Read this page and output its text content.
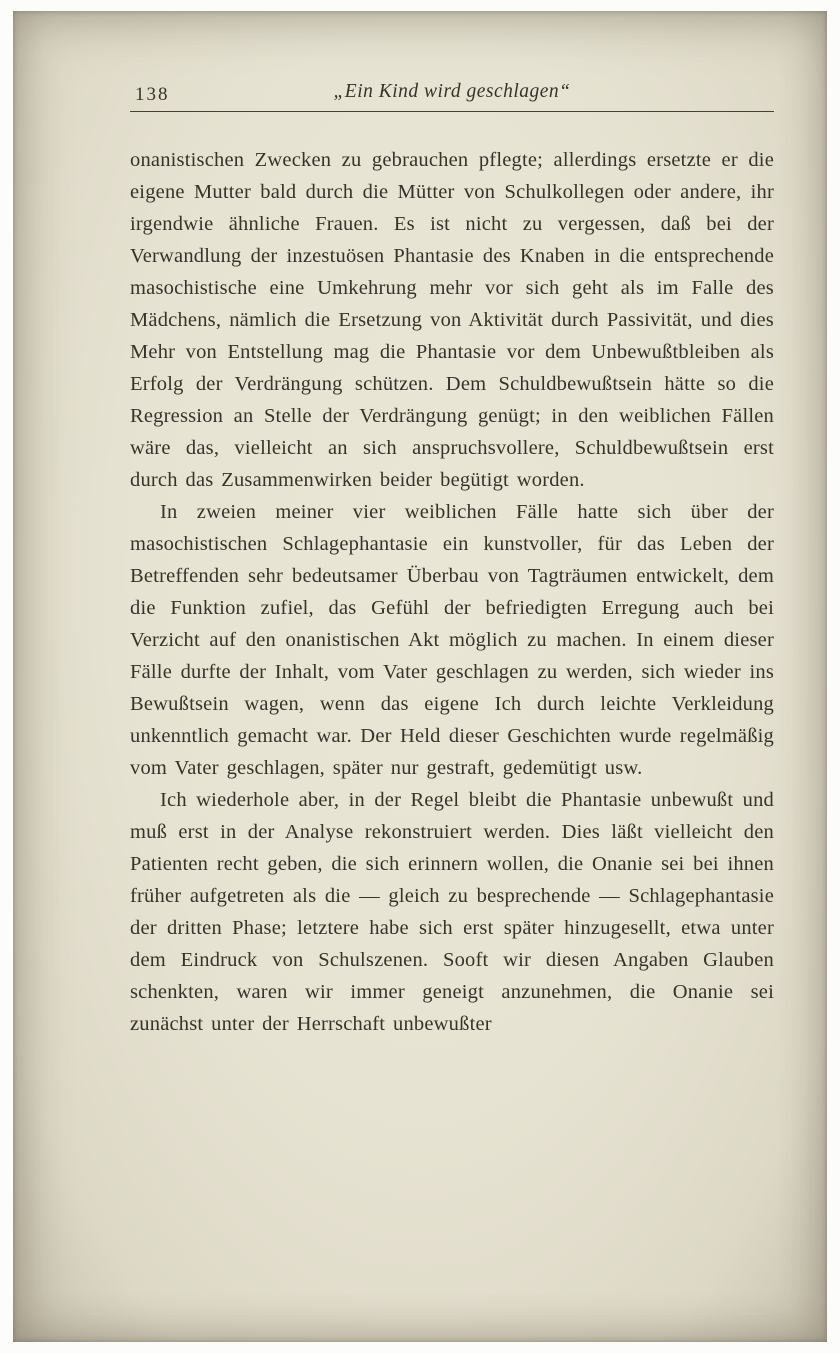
138	„Ein Kind wird geschlagen“

onanistischen Zwecken zu gebrauchen pflegte; allerdings ersetzte er die eigene Mutter bald durch die Mütter von Schulkollegen oder andere, ihr irgendwie ähnliche Frauen. Es ist nicht zu vergessen, daß bei der Verwandlung der inzestuösen Phantasie des Knaben in die entsprechende masochistische eine Umkehrung mehr vor sich geht als im Falle des Mädchens, nämlich die Ersetzung von Aktivität durch Passivität, und dies Mehr von Entstellung mag die Phantasie vor dem Unbewußtbleiben als Erfolg der Verdrängung schützen. Dem Schuldbewußtsein hätte so die Regression an Stelle der Verdrängung genügt; in den weiblichen Fällen wäre das, vielleicht an sich anspruchsvollere, Schuldbewußtsein erst durch das Zusammenwirken beider begütigt worden.

In zweien meiner vier weiblichen Fälle hatte sich über der masochistischen Schlagephantasie ein kunstvoller, für das Leben der Betreffenden sehr bedeutsamer Überbau von Tagträumen entwickelt, dem die Funktion zufiel, das Gefühl der befriedigten Erregung auch bei Verzicht auf den onanistischen Akt möglich zu machen. In einem dieser Fälle durfte der Inhalt, vom Vater geschlagen zu werden, sich wieder ins Bewußtsein wagen, wenn das eigene Ich durch leichte Verkleidung unkenntlich gemacht war. Der Held dieser Geschichten wurde regelmäßig vom Vater geschlagen, später nur gestraft, gedemütigt usw.

Ich wiederhole aber, in der Regel bleibt die Phantasie unbewußt und muß erst in der Analyse rekonstruiert werden. Dies läßt vielleicht den Patienten recht geben, die sich erinnern wollen, die Onanie sei bei ihnen früher aufgetreten als die — gleich zu besprechende — Schlagephantasie der dritten Phase; letztere habe sich erst später hinzugesellt, etwa unter dem Eindruck von Schulszenen. Sooft wir diesen Angaben Glauben schenkten, waren wir immer geneigt anzunehmen, die Onanie sei zunächst unter der Herrschaft unbewußter
